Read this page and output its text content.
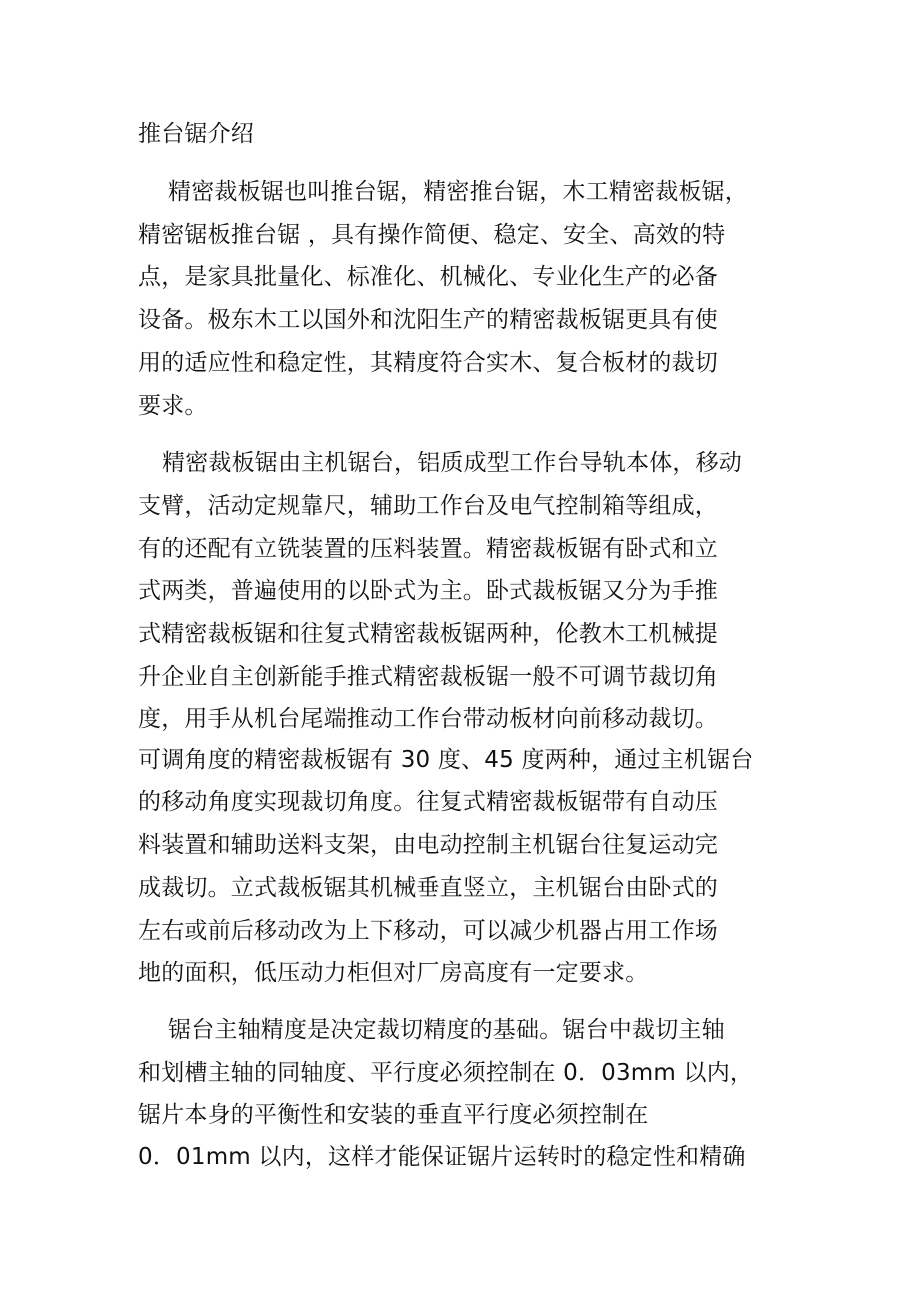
推台锯介绍
精密裁板锯也叫推台锯，精密推台锯，木工精密裁板锯，
精密锯板推台锯 ，具有操作简便、稳定、安全、高效的特
点，是家具批量化、标准化、机械化、专业化生产的必备
设备。极东木工以国外和沈阳生产的精密裁板锯更具有使
用的适应性和稳定性，其精度符合实木、复合板材的裁切
要求。
精密裁板锯由主机锯台，铝质成型工作台导轨本体，移动
支臂，活动定规靠尺，辅助工作台及电气控制箱等组成，
有的还配有立铣装置的压料装置。精密裁板锯有卧式和立
式两类，普遍使用的以卧式为主。卧式裁板锯又分为手推
式精密裁板锯和往复式精密裁板锯两种，伦教木工机械提
升企业自主创新能手推式精密裁板锯一般不可调节裁切角
度，用手从机台尾端推动工作台带动板材向前移动裁切。
可调角度的精密裁板锯有 30 度、45 度两种，通过主机锯台
的移动角度实现裁切角度。往复式精密裁板锯带有自动压
料装置和辅助送料支架，由电动控制主机锯台往复运动完
成裁切。立式裁板锯其机械垂直竖立，主机锯台由卧式的
左右或前后移动改为上下移动，可以减少机器占用工作场
地的面积，低压动力柜但对厂房高度有一定要求。
锯台主轴精度是决定裁切精度的基础。锯台中裁切主轴
和划槽主轴的同轴度、平行度必须控制在 0．03mm 以内，
锯片本身的平衡性和安装的垂直平行度必须控制在
0．01mm 以内，这样才能保证锯片运转时的稳定性和精确
